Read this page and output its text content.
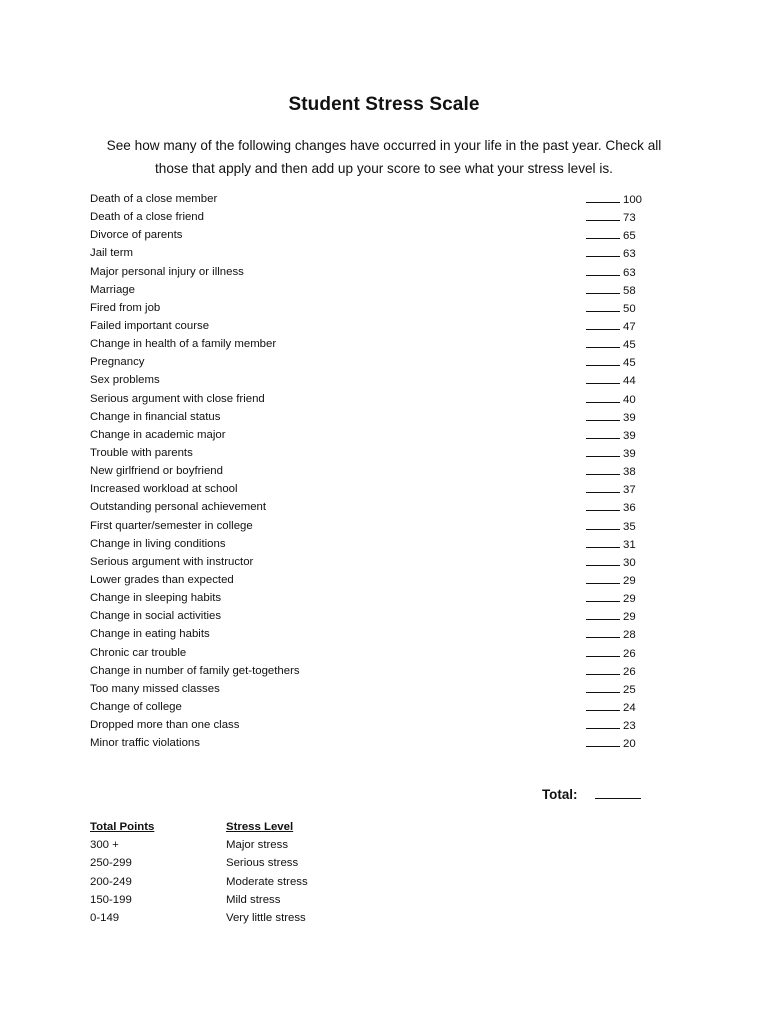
Student Stress Scale
See how many of the following changes have occurred in your life in the past year. Check all those that apply and then add up your score to see what your stress level is.
Death of a close member	100
Death of a close friend	73
Divorce of parents	65
Jail term	63
Major personal injury or illness	63
Marriage	58
Fired from job	50
Failed important course	47
Change in health of a family member	45
Pregnancy	45
Sex problems	44
Serious argument with close friend	40
Change in financial status	39
Change in academic major	39
Trouble with parents	39
New girlfriend or boyfriend	38
Increased workload at school	37
Outstanding personal achievement	36
First quarter/semester in college	35
Change in living conditions	31
Serious argument with instructor	30
Lower grades than expected	29
Change in sleeping habits	29
Change in social activities	29
Change in eating habits	28
Chronic car trouble	26
Change in number of family get-togethers	26
Too many missed classes	25
Change of college	24
Dropped more than one class	23
Minor traffic violations	20
Total:
Total Points	Stress Level
300 +	Major stress
250-299	Serious stress
200-249	Moderate stress
150-199	Mild stress
0-149	Very little stress
